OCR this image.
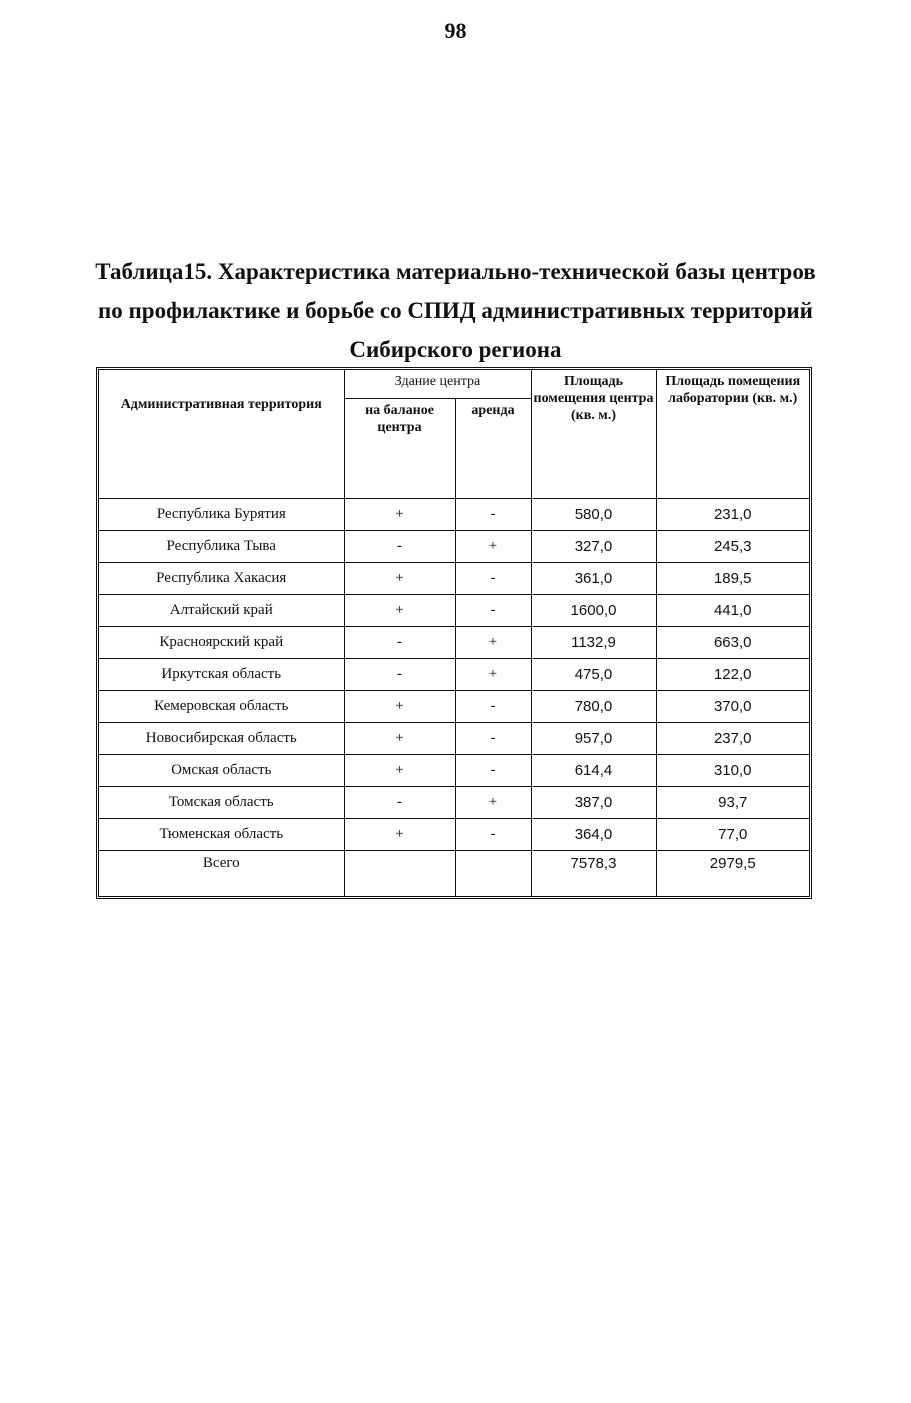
98
Таблица15. Характеристика материально-технической базы центров
по профилактике и борьбе со СПИД административных территорий
Сибирского региона
Административная территория	Здание центра		Площадь помещения центра (кв. м.)	Площадь помещения лаборатории (кв. м.)
	на баланое центра	аренда		
Республика Бурятия	+	-	580,0	231,0
Республика Тыва	-	+	327,0	245,3
Республика Хакасия	+	-	361,0	189,5
Алтайский край	+	-	1600,0	441,0
Красноярский край	-	+	1132,9	663,0
Иркутская область	-	+	475,0	122,0
Кемеровская область	+	-	780,0	370,0
Новосибирская область	+	-	957,0	237,0
Омская область	+	-	614,4	310,0
Томская область	-	+	387,0	93,7
Тюменская область	+	-	364,0	77,0
Всего			7578,3	2979,5
